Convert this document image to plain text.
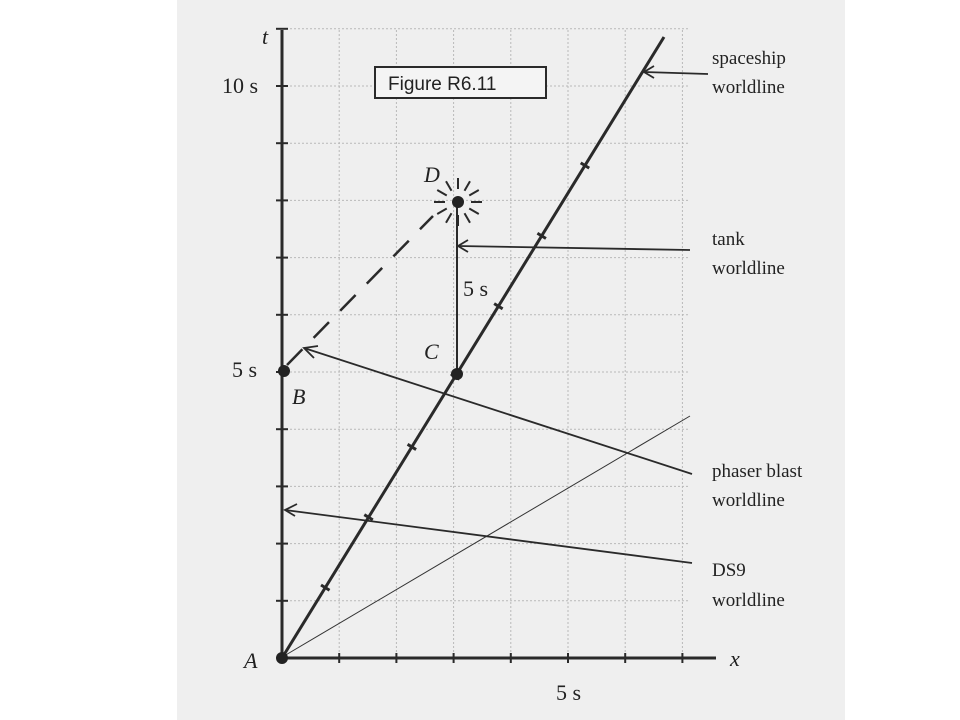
t
x
10 s
5 s
5 s
Figure R6.11
A
B
C
D
5 s
spaceship
worldline
tank
worldline
phaser blast
worldline
DS9
worldline
